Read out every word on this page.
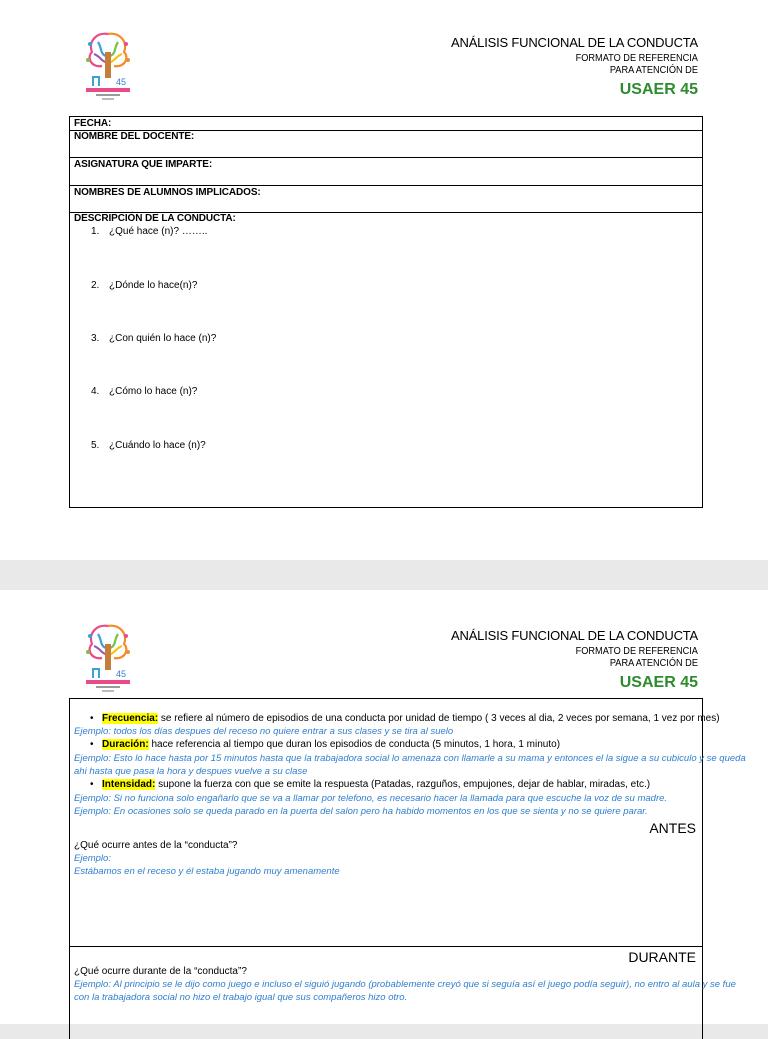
45
ANÁLISIS FUNCIONAL DE LA CONDUCTA
FORMATO DE REFERENCIA
PARA ATENCIÓN DE
USAER 45
FECHA:
NOMBRE DEL DOCENTE:
ASIGNATURA QUE IMPARTE:
NOMBRES DE ALUMNOS IMPLICADOS:
DESCRIPCIÓN DE LA CONDUCTA:
1. ¿Qué hace (n)? ……..
2. ¿Dónde lo hace(n)?
3. ¿Con quién lo hace (n)?
4. ¿Cómo lo hace (n)?
5. ¿Cuándo lo hace (n)?
45
ANÁLISIS FUNCIONAL DE LA CONDUCTA
FORMATO DE REFERENCIA
PARA ATENCIÓN DE
USAER 45
• Frecuencia: se refiere al número de episodios de una conducta por unidad de tiempo ( 3 veces al dia, 2 veces por semana, 1 vez por mes)
Ejemplo: todos los días despues del receso no quiere entrar a sus clases y se tira al suelo
• Duración: hace referencia al tiempo que duran los episodios de conducta (5 minutos, 1 hora, 1 minuto)
Ejemplo: Esto lo hace hasta por 15 minutos hasta que la trabajadora social lo amenaza con llamarle a su mama y entonces el la sigue a su cubiculo y se queda
ahi hasta que pasa la hora y despues vuelve a su clase
• Intensidad: supone la fuerza con que se emite la respuesta (Patadas, razguños, empujones, dejar de hablar, miradas, etc.)
Ejemplo: Si no funciona solo engañarlo que se va a llamar por telefono, es necesario hacer la llamada para que escuche la voz de su madre.
Ejemplo: En ocasiones solo se queda parado en la puerta del salon pero ha habido momentos en los que se sienta y no se quiere parar.
ANTES
¿Qué ocurre antes de la “conducta”?
Ejemplo:
Estábamos en el receso y él estaba jugando muy amenamente
DURANTE
¿Qué ocurre durante de la “conducta”?
Ejemplo: Al principio se le dijo como juego e incluso el siguió jugando (probablemente creyó que si seguía así el juego podía seguir), no entro al aula y se fue
con la trabajadora social no hizo el trabajo igual que sus compañeros hizo otro.
